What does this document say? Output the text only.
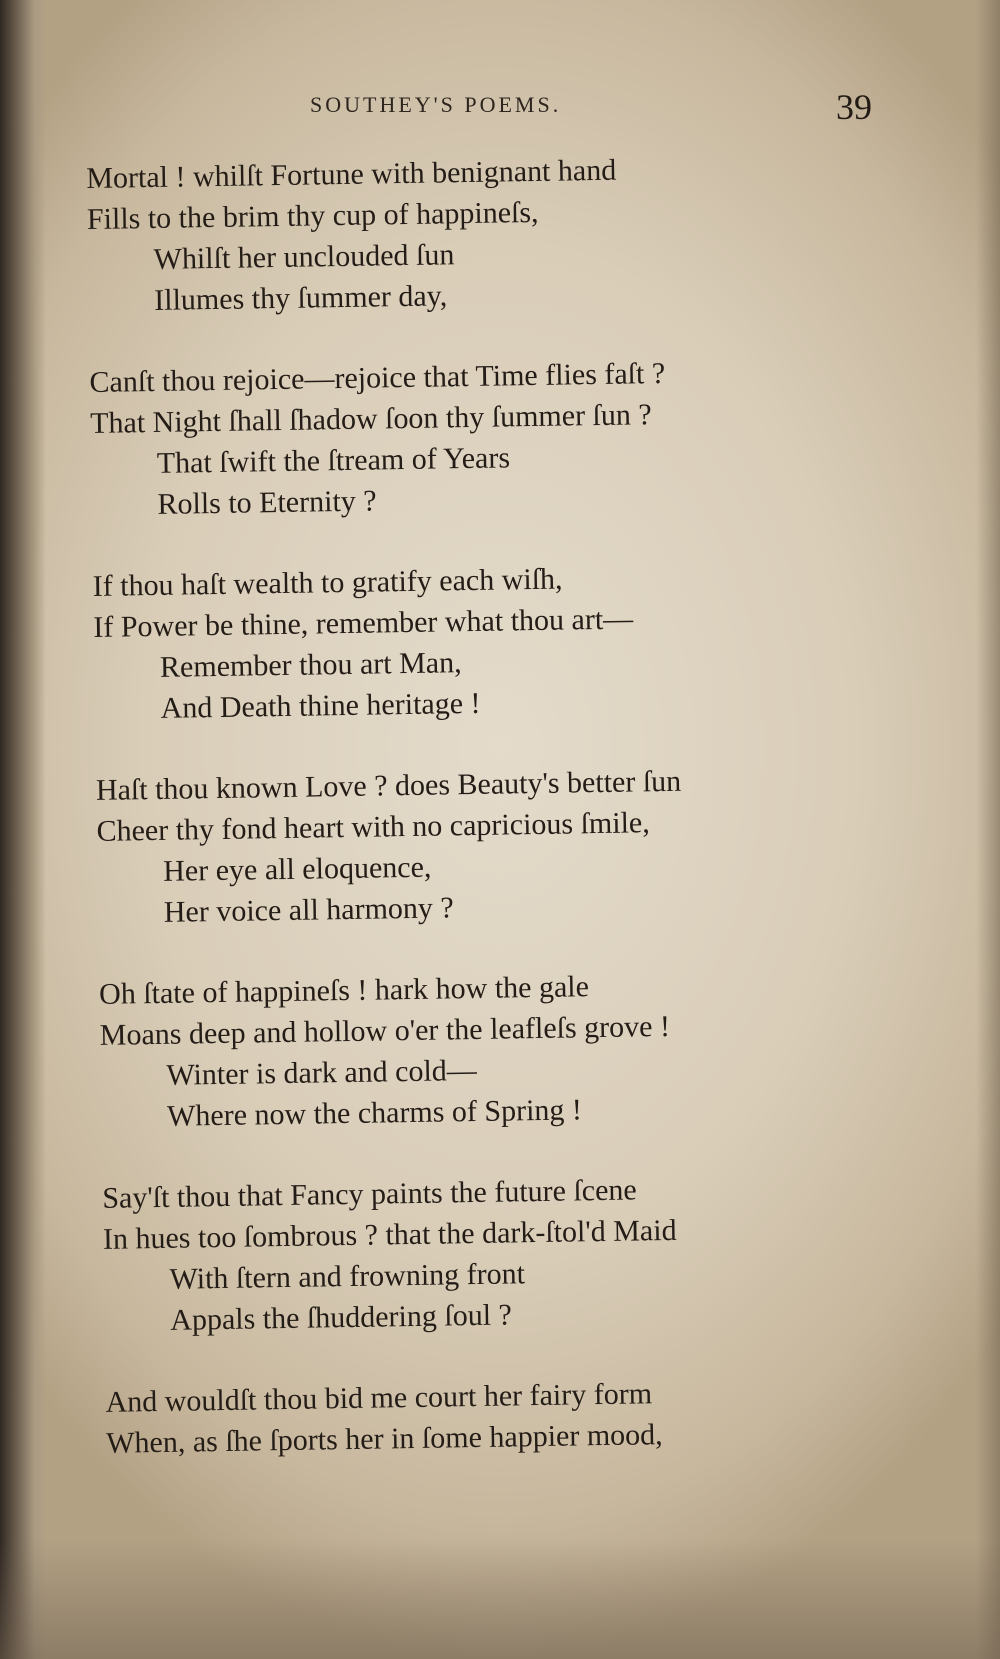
SOUTHEY'S POEMS.	39
Mortal ! whilſt Fortune with benignant hand
Fills to the brim thy cup of happineſs,
Whilſt her unclouded ſun
Illumes thy ſummer day,
Canſt thou rejoice—rejoice that Time flies faſt ?
That Night ſhall ſhadow ſoon thy ſummer ſun ?
That ſwift the ſtream of Years
Rolls to Eternity ?
If thou haſt wealth to gratify each wiſh,
If Power be thine, remember what thou art—
Remember thou art Man,
And Death thine heritage !
Haſt thou known Love ? does Beauty's better ſun
Cheer thy fond heart with no capricious ſmile,
Her eye all eloquence,
Her voice all harmony ?
Oh ſtate of happineſs ! hark how the gale
Moans deep and hollow o'er the leafleſs grove !
Winter is dark and cold—
Where now the charms of Spring !
Say'ſt thou that Fancy paints the future ſcene
In hues too ſombrous ? that the dark-ſtol'd Maid
With ſtern and frowning front
Appals the ſhuddering ſoul ?
And wouldſt thou bid me court her fairy form
When, as ſhe ſports her in ſome happier mood,
